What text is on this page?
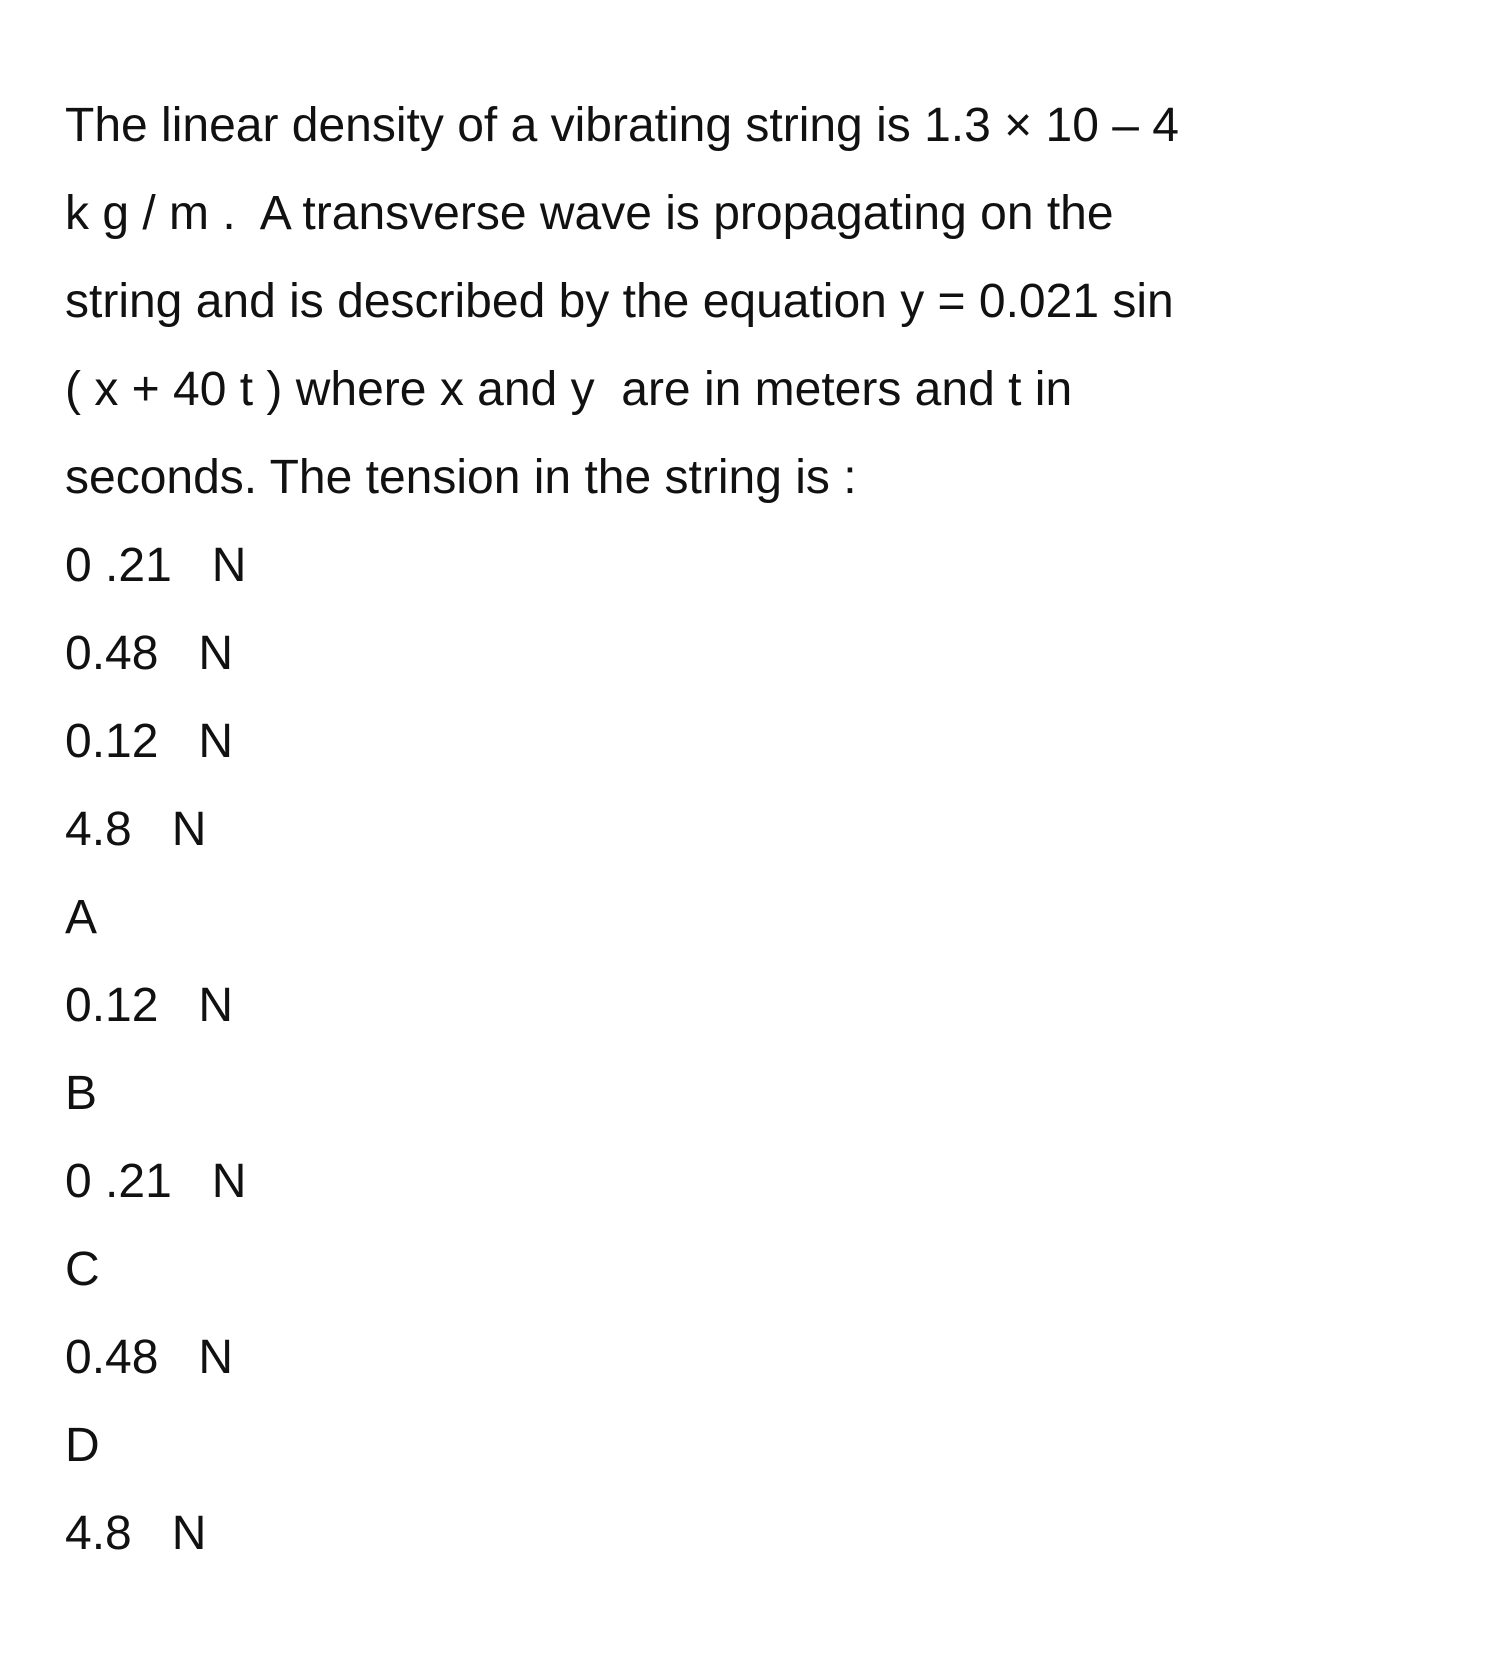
The linear density of a vibrating string is 1.3 × 10 – 4
k g / m .  A transverse wave is propagating on the
string and is described by the equation y = 0.021 sin
( x + 40 t ) where x and y  are in meters and t in
seconds. The tension in the string is :
0 .21   N
0.48   N
0.12   N
4.8   N
A
0.12   N
B
0 .21   N
C
0.48   N
D
4.8   N
